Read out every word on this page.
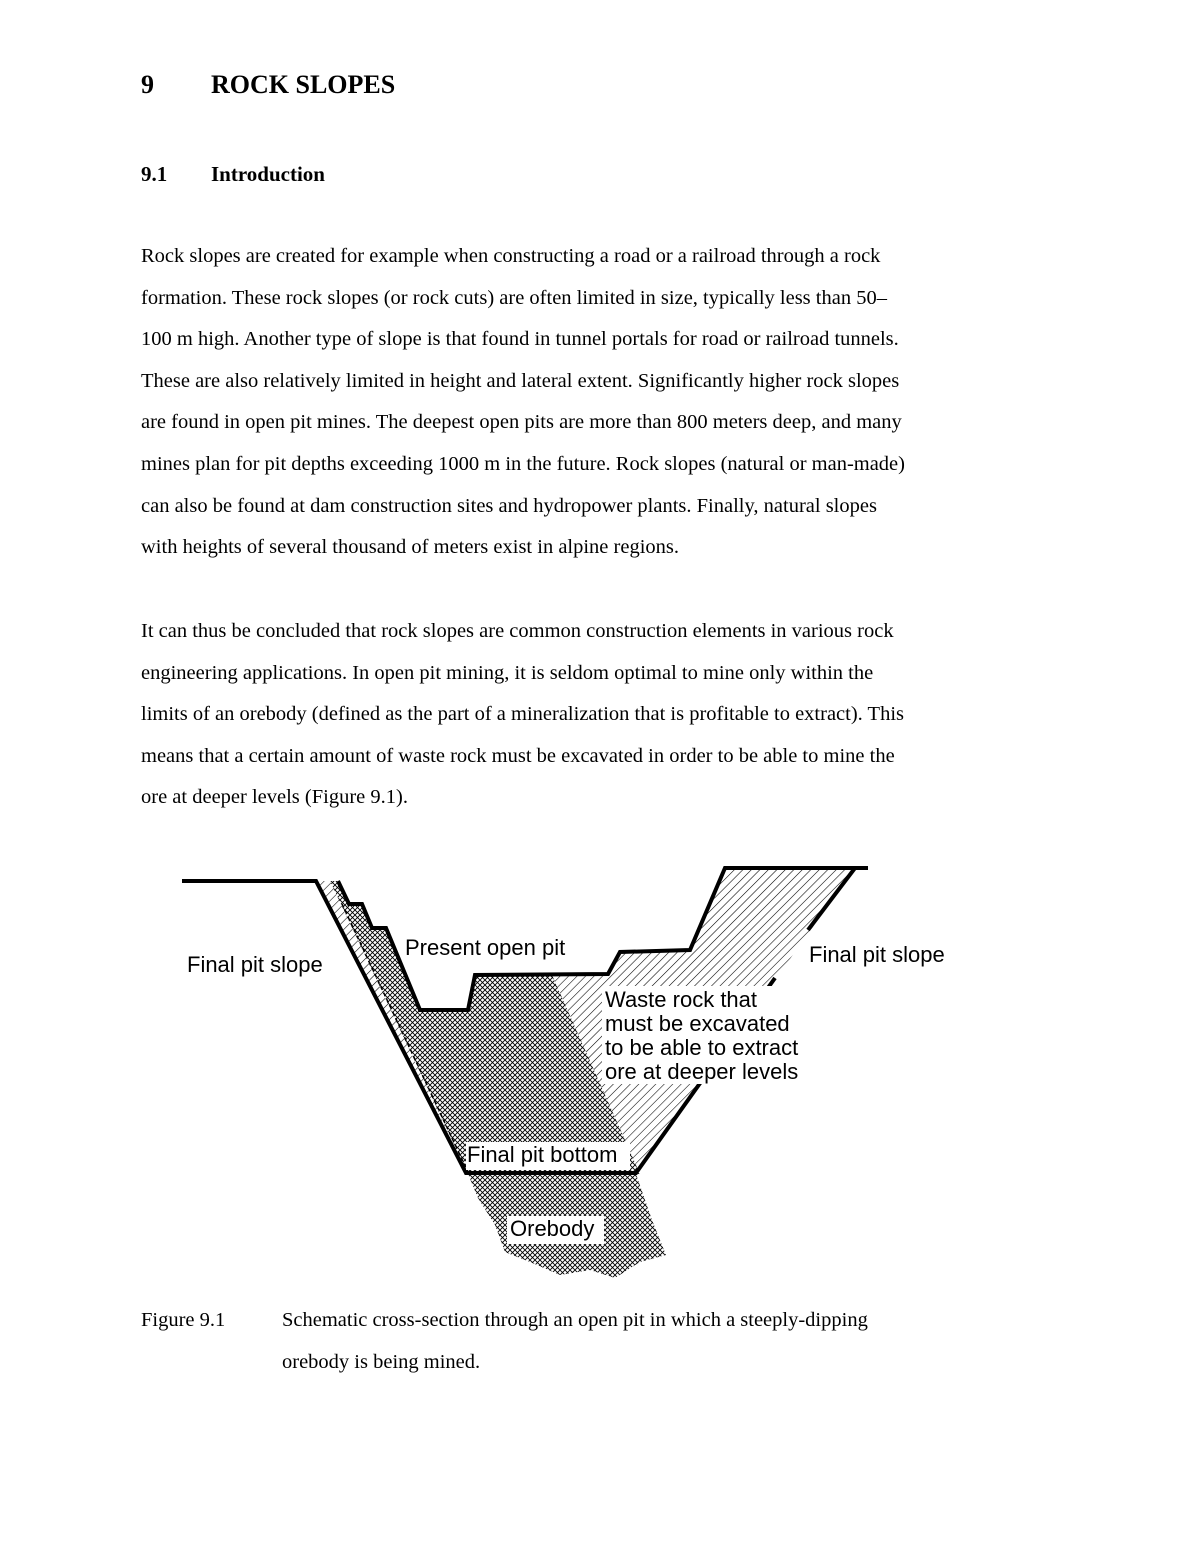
9 ROCK SLOPES
9.1 Introduction
Rock slopes are created for example when constructing a road or a railroad through a rock
formation. These rock slopes (or rock cuts) are often limited in size, typically less than 50–
100 m high. Another type of slope is that found in tunnel portals for road or railroad tunnels.
These are also relatively limited in height and lateral extent. Significantly higher rock slopes
are found in open pit mines. The deepest open pits are more than 800 meters deep, and many
mines plan for pit depths exceeding 1000 m in the future. Rock slopes (natural or man-made)
can also be found at dam construction sites and hydropower plants. Finally, natural slopes
with heights of several thousand of meters exist in alpine regions.
It can thus be concluded that rock slopes are common construction elements in various rock
engineering applications. In open pit mining, it is seldom optimal to mine only within the
limits of an orebody (defined as the part of a mineralization that is profitable to extract). This
means that a certain amount of waste rock must be excavated in order to be able to mine the
ore at deeper levels (Figure 9.1).
Final pit slope
Present open pit	Final pit slope
Waste rock that
must be excavated
to be able to extract
ore at deeper levels
Final pit bottom
Orebody
Figure 9.1	Schematic cross-section through an open pit in which a steeply-dipping
orebody is being mined.
